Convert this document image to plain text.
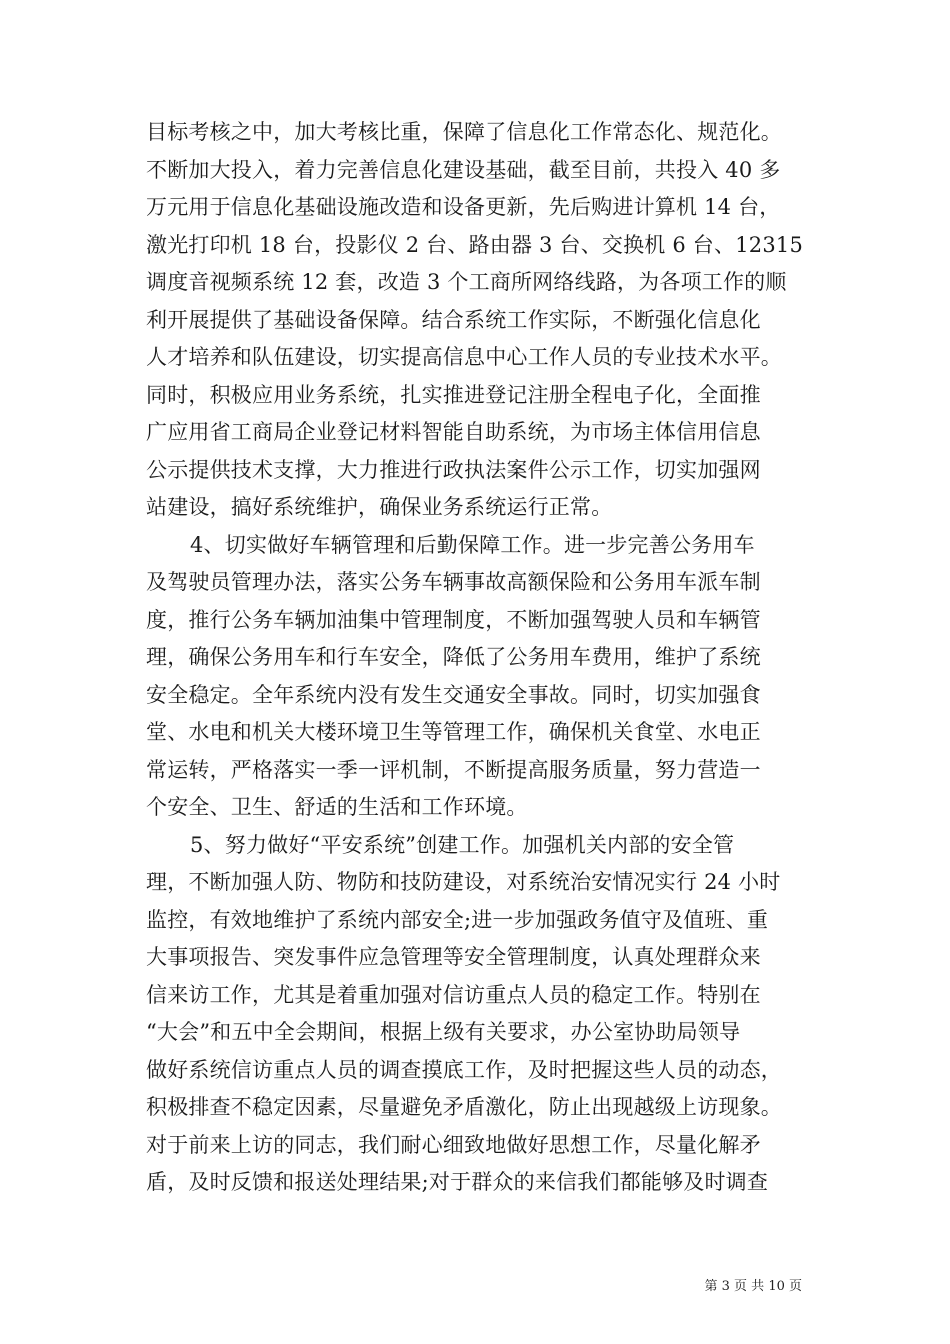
目标考核之中，加大考核比重，保障了信息化工作常态化、规范化。
不断加大投入，着力完善信息化建设基础，截至目前，共投入 40 多
万元用于信息化基础设施改造和设备更新，先后购进计算机 14 台，
激光打印机 18 台，投影仪 2 台、路由器 3 台、交换机 6 台、12315
调度音视频系统 12 套，改造 3 个工商所网络线路，为各项工作的顺
利开展提供了基础设备保障。结合系统工作实际，不断强化信息化
人才培养和队伍建设，切实提高信息中心工作人员的专业技术水平。
同时，积极应用业务系统，扎实推进登记注册全程电子化，全面推
广应用省工商局企业登记材料智能自助系统，为市场主体信用信息
公示提供技术支撑，大力推进行政执法案件公示工作，切实加强网
站建设，搞好系统维护，确保业务系统运行正常。
4、切实做好车辆管理和后勤保障工作。进一步完善公务用车
及驾驶员管理办法，落实公务车辆事故高额保险和公务用车派车制
度，推行公务车辆加油集中管理制度，不断加强驾驶人员和车辆管
理，确保公务用车和行车安全，降低了公务用车费用，维护了系统
安全稳定。全年系统内没有发生交通安全事故。同时，切实加强食
堂、水电和机关大楼环境卫生等管理工作，确保机关食堂、水电正
常运转，严格落实一季一评机制，不断提高服务质量，努力营造一
个安全、卫生、舒适的生活和工作环境。
5、努力做好“平安系统”创建工作。加强机关内部的安全管
理，不断加强人防、物防和技防建设，对系统治安情况实行 24 小时
监控，有效地维护了系统内部安全;进一步加强政务值守及值班、重
大事项报告、突发事件应急管理等安全管理制度，认真处理群众来
信来访工作，尤其是着重加强对信访重点人员的稳定工作。特别在
“大会”和五中全会期间，根据上级有关要求，办公室协助局领导
做好系统信访重点人员的调查摸底工作，及时把握这些人员的动态，
积极排查不稳定因素，尽量避免矛盾激化，防止出现越级上访现象。
对于前来上访的同志，我们耐心细致地做好思想工作，尽量化解矛
盾，及时反馈和报送处理结果;对于群众的来信我们都能够及时调查
第 3 页 共 10 页
